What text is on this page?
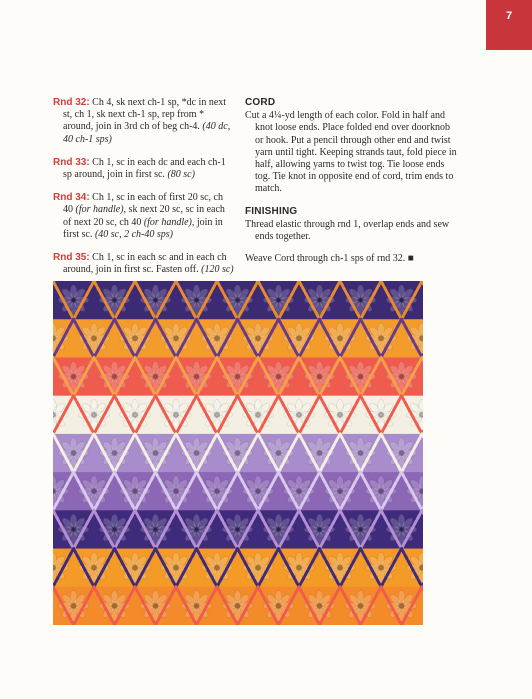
7

Rnd 32: Ch 4, sk next ch-1 sp, *dc in next st, ch 1, sk next ch-1 sp, rep from * around, join in 3rd ch of beg ch-4. (40 dc, 40 ch-1 sps)

Rnd 33: Ch 1, sc in each dc and each ch-1 sp around, join in first sc. (80 sc)

Rnd 34: Ch 1, sc in each of first 20 sc, ch 40 (for handle), sk next 20 sc, sc in each of next 20 sc, ch 40 (for handle), join in first sc. (40 sc, 2 ch-40 sps)

Rnd 35: Ch 1, sc in each sc and in each ch around, join in first sc. Fasten off. (120 sc)

CORD

Cut a 4¼-yd length of each color. Fold in half and knot loose ends. Place folded end over doorknob or hook. Put a pencil through other end and twist yarn until tight. Keeping strands taut, fold piece in half, allowing yarns to twist tog. Tie loose ends tog. Tie knot in opposite end of cord, trim ends to match.

FINISHING

Thread elastic through rnd 1, overlap ends and sew ends together.

Weave Cord through ch-1 sps of rnd 32. ■
